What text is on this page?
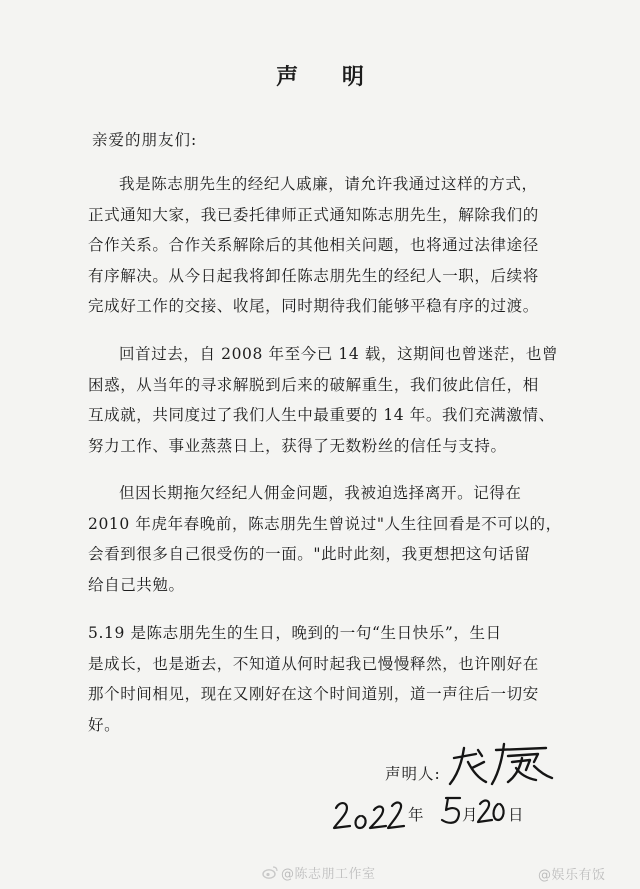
声 明
亲爱的朋友们:
我是陈志朋先生的经纪人戚廉，请允许我通过这样的方式，
正式通知大家，我已委托律师正式通知陈志朋先生，解除我们的
合作关系。合作关系解除后的其他相关问题，也将通过法律途径
有序解决。从今日起我将卸任陈志朋先生的经纪人一职，后续将
完成好工作的交接、收尾，同时期待我们能够平稳有序的过渡。
回首过去，自 2008 年至今已 14 载，这期间也曾迷茫，也曾
困惑，从当年的寻求解脱到后来的破解重生，我们彼此信任，相
互成就，共同度过了我们人生中最重要的 14 年。我们充满激情、
努力工作、事业蒸蒸日上，获得了无数粉丝的信任与支持。
但因长期拖欠经纪人佣金问题，我被迫选择离开。记得在
2010 年虎年春晚前，陈志朋先生曾说过"人生往回看是不可以的，
会看到很多自己很受伤的一面。"此时此刻，我更想把这句话留
给自己共勉。
5.19 是陈志朋先生的生日，晚到的一句“生日快乐”，生日
是成长，也是逝去，不知道从何时起我已慢慢释然，也许刚好在
那个时间相见，现在又刚好在这个时间道别，道一声往后一切安
好。
声明人:
年 月 日
@陈志朋工作室	@娱乐有饭
